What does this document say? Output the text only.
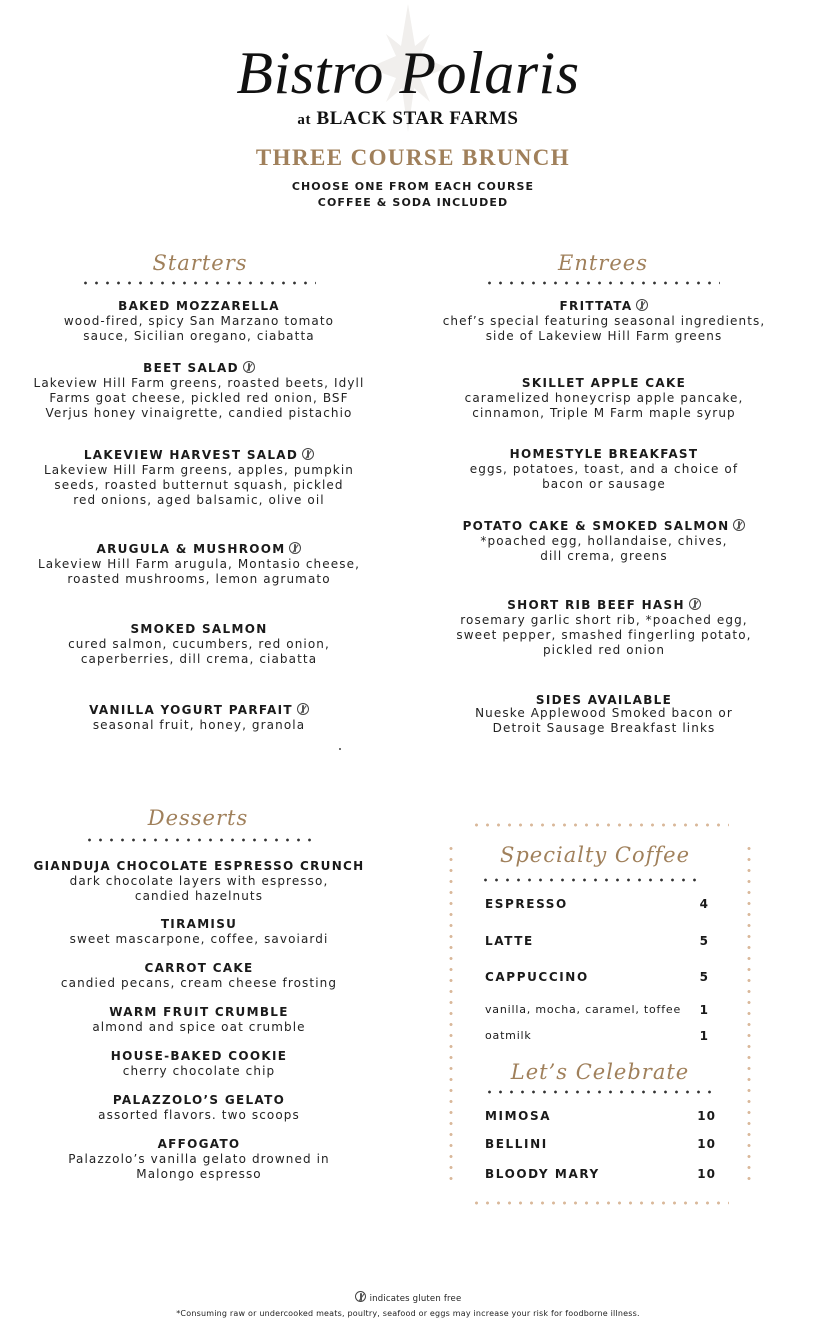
Bistro Polaris
at BLACK STAR FARMS
THREE COURSE BRUNCH
CHOOSE ONE FROM EACH COURSE
COFFEE & SODA INCLUDED
Starters
BAKED MOZZARELLA
wood-fired, spicy San Marzano tomato
sauce, Sicilian oregano, ciabatta
BEET SALAD
Lakeview Hill Farm greens, roasted beets, Idyll
Farms goat cheese, pickled red onion, BSF
Verjus honey vinaigrette, candied pistachio
LAKEVIEW HARVEST SALAD
Lakeview Hill Farm greens, apples, pumpkin
seeds, roasted butternut squash, pickled
red onions, aged balsamic, olive oil
ARUGULA & MUSHROOM
Lakeview Hill Farm arugula, Montasio cheese,
roasted mushrooms, lemon agrumato
SMOKED SALMON
cured salmon, cucumbers, red onion,
caperberries, dill crema, ciabatta
VANILLA YOGURT PARFAIT
seasonal fruit, honey, granola
Entrees
FRITTATA
chef’s special featuring seasonal ingredients,
side of Lakeview Hill Farm greens
SKILLET APPLE CAKE
caramelized honeycrisp apple pancake,
cinnamon, Triple M Farm maple syrup
HOMESTYLE BREAKFAST
eggs, potatoes, toast, and a choice of
bacon or sausage
POTATO CAKE & SMOKED SALMON
*poached egg, hollandaise, chives,
dill crema, greens
SHORT RIB BEEF HASH
rosemary garlic short rib, *poached egg,
sweet pepper, smashed fingerling potato,
pickled red onion
SIDES AVAILABLE
Nueske Applewood Smoked bacon or
Detroit Sausage Breakfast links
Desserts
GIANDUJA CHOCOLATE ESPRESSO CRUNCH
dark chocolate layers with espresso,
candied hazelnuts
TIRAMISU
sweet mascarpone, coffee, savoiardi
CARROT CAKE
candied pecans, cream cheese frosting
WARM FRUIT CRUMBLE
almond and spice oat crumble
HOUSE-BAKED COOKIE
cherry chocolate chip
PALAZZOLO’S GELATO
assorted flavors. two scoops
AFFOGATO
Palazzolo’s vanilla gelato drowned in
Malongo espresso
Specialty Coffee
ESPRESSO	4
LATTE	5
CAPPUCCINO	5
vanilla, mocha, caramel, toffee 1
oatmilk	1
Let’s Celebrate
MIMOSA	10
BELLINI	10
BLOODY MARY	10
indicates gluten free
*Consuming raw or undercooked meats, poultry, seafood or eggs may increase your risk for foodborne illness.
